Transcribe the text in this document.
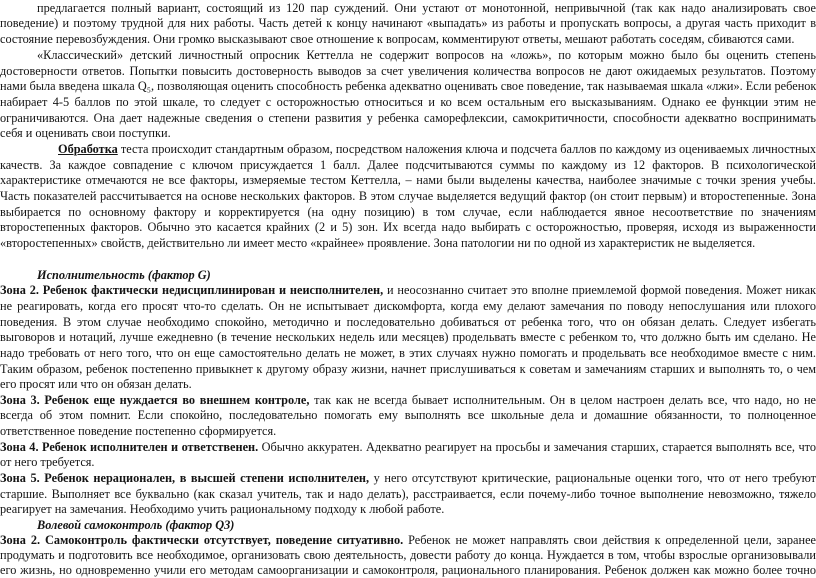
предлагается полный вариант, состоящий из 120 пар суждений. Они устают от монотонной, непривычной (так как надо анализировать свое
поведение) и поэтому трудной для них работы. Часть детей к концу начинают «выпадать» из работы и пропускать вопросы, а другая часть приходит в
состояние перевозбуждения. Они громко высказывают свое отношение к вопросам, комментируют ответы, мешают работать соседям, сбиваются сами.
«Классический» детский личностный опросник Кеттелла не содержит вопросов на «ложь», по которым можно было бы оценить степень
достоверности ответов. Попытки повысить достоверность выводов за счет увеличения количества вопросов не дают ожидаемых результатов. Поэтому
нами была введена шкала Q₅, позволяющая оценить способность ребенка адекватно оценивать свое поведение, так называемая шкала «лжи». Если ребенок
набирает 4-5 баллов по этой шкале, то следует с осторожностью относиться и ко всем остальным его высказываниям. Однако ее функции этим не
ограничиваются. Она дает надежные сведения о степени развития у ребенка саморефлексии, самокритичности, способности адекватно воспринимать
себя и оценивать свои поступки.
Обработка теста происходит стандартным образом, посредством наложения ключа и подсчета баллов по каждому из оцениваемых личностных
качеств. За каждое совпадение с ключом присуждается 1 балл. Далее подсчитываются суммы по каждому из 12 факторов. В психологической
характеристике отмечаются не все факторы, измеряемые тестом Кеттелла, – нами были выделены качества, наиболее значимые с точки зрения учебы.
Часть показателей рассчитывается на основе нескольких факторов. В этом случае выделяется ведущий фактор (он стоит первым) и второстепенные. Зона
выбирается по основному фактору и корректируется (на одну позицию) в том случае, если наблюдается явное несоответствие по значениям
второстепенных факторов. Обычно это касается крайних (2 и 5) зон. Их всегда надо выбирать с осторожностью, проверяя, исходя из выраженности
«второстепенных» свойств, действительно ли имеет место «крайнее» проявление. Зона патологии ни по одной из характеристик не выделяется.
Исполнительность (фактор G)
Зона 2. Ребенок фактически недисциплинирован и неисполнителен, и неосознанно считает это вполне приемлемой формой поведения. Может никак
не реагировать, когда его просят что-то сделать. Он не испытывает дискомфорта, когда ему делают замечания по поводу непослушания или плохого
поведения. В этом случае необходимо спокойно, методично и последовательно добиваться от ребенка того, что он обязан делать. Следует избегать
выговоров и нотаций, лучше ежедневно (в течение нескольких недель или месяцев) продельвать вместе с ребенком то, что должно быть им сделано. Не
надо требовать от него того, что он еще самостоятельно делать не может, в этих случаях нужно помогать и продельвать все необходимое вместе с ним.
Таким образом, ребенок постепенно привыкнет к другому образу жизни, начнет прислушиваться к советам и замечаниям старших и выполнять то, о чем
его просят или что он обязан делать.
Зона 3. Ребенок еще нуждается во внешнем контроле, так как не всегда бывает исполнительным. Он в целом настроен делать все, что надо, но не
всегда об этом помнит. Если спокойно, последовательно помогать ему выполнять все школьные дела и домашние обязанности, то полноценное
ответственное поведение постепенно сформируется.
Зона 4. Ребенок исполнителен и ответственен. Обычно аккуратен. Адекватно реагирует на просьбы и замечания старших, старается выполнять все, что
от него требуется.
Зона 5. Ребенок нерационален, в высшей степени исполнителен, у него отсутствуют критические, рациональные оценки того, что от него требуют
старшие. Выполняет все буквально (как сказал учитель, так и надо делать), расстраивается, если почему-либо точное выполнение невозможно, тяжело
реагирует на замечания. Необходимо учить рациональному подходу к любой работе.
Волевой самоконтроль (фактор Q3)
Зона 2. Самоконтроль фактически отсутствует, поведение ситуативно. Ребенок не может направлять свои действия к определенной цели, заранее
продумать и подготовить все необходимое, организовать свою деятельность, довести работу до конца. Нуждается в том, чтобы взрослые организовывали
его жизнь, но одновременно учили его методам самоорганизации и самоконтроля, рационального планирования. Ребенок должен как можно более точно
